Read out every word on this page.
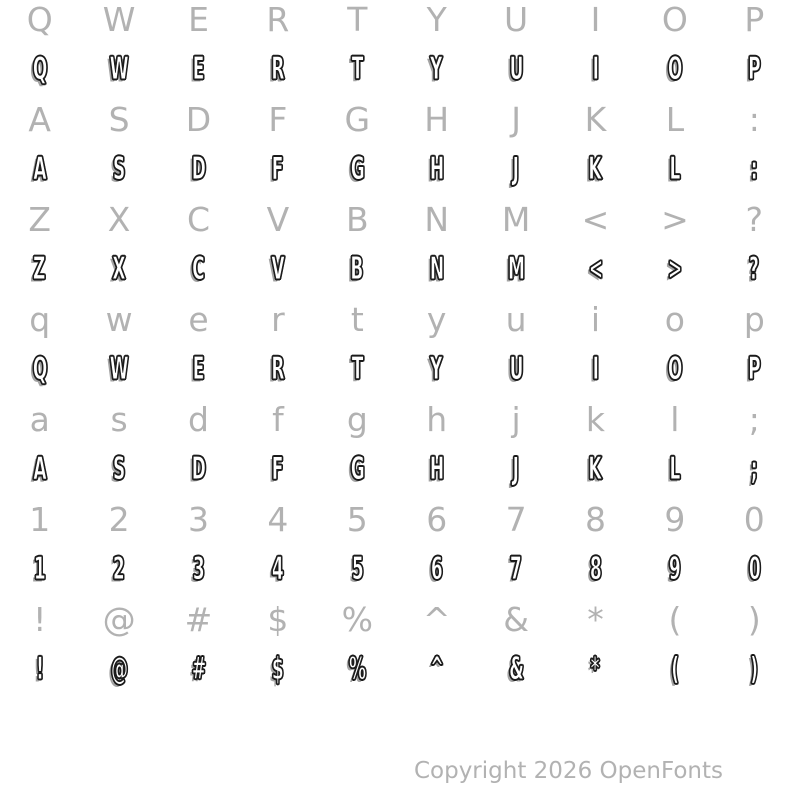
Q W E R T Y U I O P
Q W E R T Y U I O P
A S D F G H J K L :
A S D F G H J K L :
Z X C V B N M < > ?
Z X C V B N M < > ?
q w e r t y u i o p
Q W E R T Y U I O P
a s d f g h j k l ;
A S D F G H J K L ;
1 2 3 4 5 6 7 8 9 0
1 2 3 4 5 6 7 8 9 0
! @ # $ % ^ & * ( )
! @ # $ % ^ & * ( )
Copyright 2026 OpenFonts
